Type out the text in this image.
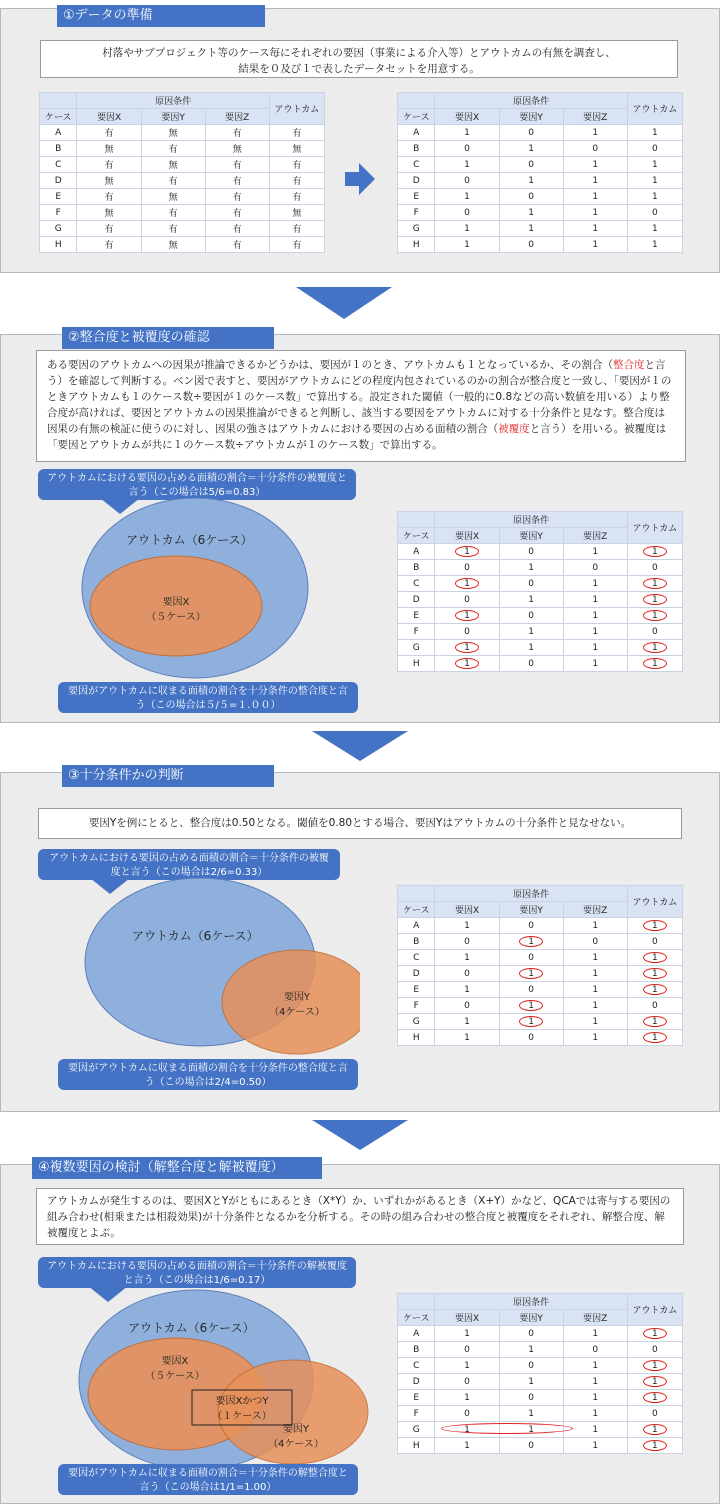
①データの準備
村落やサブプロジェクト等のケース毎にそれぞれの要因（事業による介入等）とアウトカムの有無を調査し、
結果を０及び１で表したデータセットを用意する。
	原因条件			アウトカム
ケース	要因X	要因Y	要因Z	
A	有	無	有	有
B	無	有	無	無
C	有	無	有	有
D	無	有	有	有
E	有	無	有	有
F	無	有	有	無
G	有	有	有	有
H	有	無	有	有
	原因条件			アウトカム
ケース	要因X	要因Y	要因Z	
A	1	0	1	1
B	0	1	0	0
C	1	0	1	1
D	0	1	1	1
E	1	0	1	1
F	0	1	1	0
G	1	1	1	1
H	1	0	1	1
②整合度と被覆度の確認
ある要因のアウトカムへの因果が推論できるかどうかは、要因が１のとき、アウトカムも１となっているか、その割合（整合度と言う）を確認して判断する。ベン図で表すと、要因がアウトカムにどの程度内包されているのかの割合が整合度と一致し、「要因が１のときアウトカムも１のケース数÷要因が１のケース数」で算出する。設定された閾値（一般的に0.8などの高い数値を用いる）より整合度が高ければ、要因とアウトカムの因果推論ができると判断し、該当する要因をアウトカムに対する十分条件と見なす。整合度は因果の有無の検証に使うのに対し、因果の強さはアウトカムにおける要因の占める面積の割合（被覆度と言う）を用いる。被覆度は「要因とアウトカムが共に１のケース数÷アウトカムが１のケース数」で算出する。
アウトカムにおける要因の占める面積の割合＝十分条件の被覆度と言う（この場合は5/6=0.83）
アウトカム（6ケース）
要因X
（５ケース）
要因がアウトカムに収まる面積の割合を十分条件の整合度と言う（この場合は５/５=１.００）
	原因条件			アウトカム
ケース	要因X	要因Y	要因Z	
A	1	0	1	1

B	0	1	0	0
C	1	0	1	1

D	0	1	1	1

E	1	0	1	1

F	0	1	1	0
G	1	1	1	1

H	1	0	1	1
③十分条件かの判断
要因Yを例にとると、整合度は0.50となる。閾値を0.80とする場合、要因Yはアウトカムの十分条件と見なせない。
アウトカムにおける要因の占める面積の割合＝十分条件の被覆度と言う（この場合は2/6=0.33）
アウトカム（6ケース）
要因Y
（4ケース）
要因がアウトカムに収まる面積の割合を十分条件の整合度と言う（この場合は2/4=0.50）
	原因条件			アウトカム
ケース	要因X	要因Y	要因Z	
A	1	0	1	1

B	0	1	0	0
C	1	0	1	1

D	0	1	1	1

E	1	0	1	1

F	0	1	1	0
G	1	1	1	1

H	1	0	1	1
④複数要因の検討（解整合度と解被覆度）
アウトカムが発生するのは、要因XとYがともにあるとき（X*Y）か、いずれかがあるとき（X+Y）かなど、QCAでは寄与する要因の組み合わせ(相乗または相殺効果)が十分条件となるかを分析する。その時の組み合わせの整合度と被覆度をそれぞれ、解整合度、解被覆度とよぶ。
アウトカムにおける要因の占める面積の割合＝十分条件の解被覆度と言う（この場合は1/6=0.17）
アウトカム（6ケース）
要因X
（５ケース）
要因XかつY
（１ケース）
要因Y
（4ケース）
要因がアウトカムに収まる面積の割合＝十分条件の解整合度と言う（この場合は1/1=1.00）
	原因条件			アウトカム
ケース	要因X	要因Y	要因Z	
A	1	0	1	1

B	0	1	0	0
C	1	0	1	1

D	0	1	1	1

E	1	0	1	1

F	0	1	1	0
G	1	1	1	1

H	1	0	1	1
